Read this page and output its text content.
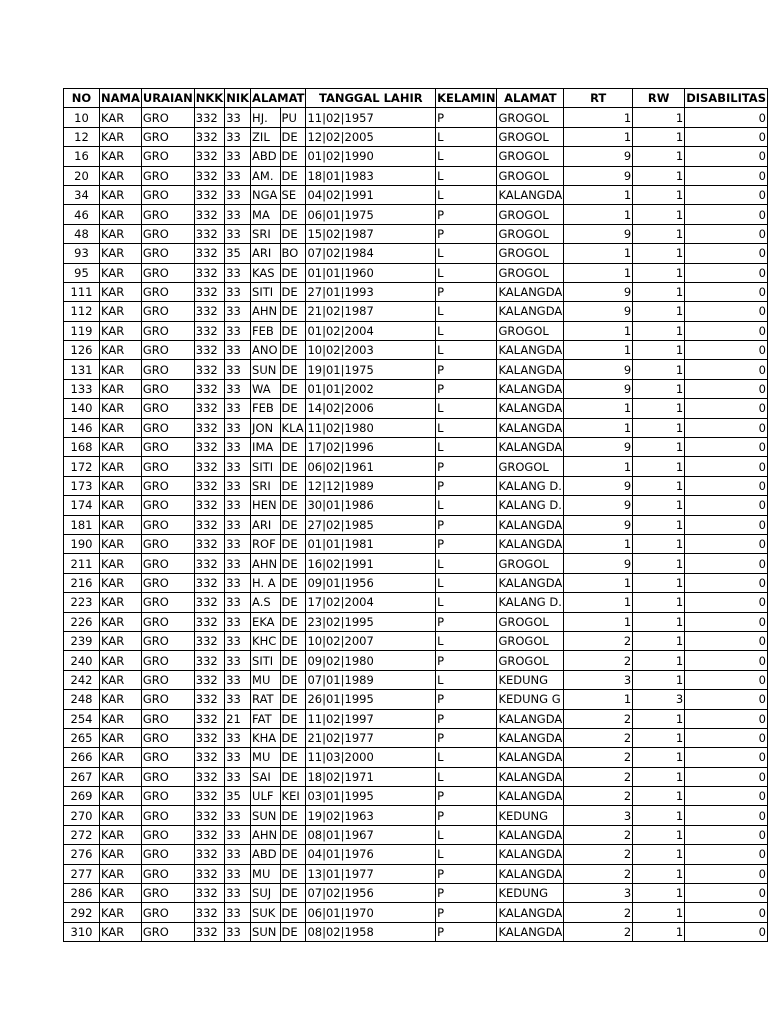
NO	NAMA	URAIAN	NKK	NIK	ALAMAT		TANGGAL LAHIR	KELAMIN	ALAMAT	RT	RW	DISABILITAS
10	KAR	GRO	332	33	HJ.	PU	11|02|1957	P	GROGOL	1	1	0
12	KAR	GRO	332	33	ZIL	DE	12|02|2005	L	GROGOL	1	1	0
16	KAR	GRO	332	33	ABD	DE	01|02|1990	L	GROGOL	9	1	0
20	KAR	GRO	332	33	AM.	DE	18|01|1983	L	GROGOL	9	1	0
34	KAR	GRO	332	33	NGA	SE	04|02|1991	L	KALANGDA	1	1	0
46	KAR	GRO	332	33	MA	DE	06|01|1975	P	GROGOL	1	1	0
48	KAR	GRO	332	33	SRI	DE	15|02|1987	P	GROGOL	9	1	0
93	KAR	GRO	332	35	ARI	BO	07|02|1984	L	GROGOL	1	1	0
95	KAR	GRO	332	33	KAS	DE	01|01|1960	L	GROGOL	1	1	0
111	KAR	GRO	332	33	SITI	DE	27|01|1993	P	KALANGDA	9	1	0
112	KAR	GRO	332	33	AHN	DE	21|02|1987	L	KALANGDA	9	1	0
119	KAR	GRO	332	33	FEB	DE	01|02|2004	L	GROGOL	1	1	0
126	KAR	GRO	332	33	ANO	DE	10|02|2003	L	KALANGDA	1	1	0
131	KAR	GRO	332	33	SUN	DE	19|01|1975	P	KALANGDA	9	1	0
133	KAR	GRO	332	33	WA	DE	01|01|2002	P	KALANGDA	9	1	0
140	KAR	GRO	332	33	FEB	DE	14|02|2006	L	KALANGDA	1	1	0
146	KAR	GRO	332	33	JON	KLA	11|02|1980	L	KALANGDA	1	1	0
168	KAR	GRO	332	33	IMA	DE	17|02|1996	L	KALANGDA	9	1	0
172	KAR	GRO	332	33	SITI	DE	06|02|1961	P	GROGOL	1	1	0
173	KAR	GRO	332	33	SRI	DE	12|12|1989	P	KALANG D.	9	1	0
174	KAR	GRO	332	33	HEN	DE	30|01|1986	L	KALANG D.	9	1	0
181	KAR	GRO	332	33	ARI	DE	27|02|1985	P	KALANGDA	9	1	0
190	KAR	GRO	332	33	ROF	DE	01|01|1981	P	KALANGDA	1	1	0
211	KAR	GRO	332	33	AHN	DE	16|02|1991	L	GROGOL	9	1	0
216	KAR	GRO	332	33	H. A	DE	09|01|1956	L	KALANGDA	1	1	0
223	KAR	GRO	332	33	A.S	DE	17|02|2004	L	KALANG D.	1	1	0
226	KAR	GRO	332	33	EKA	DE	23|02|1995	P	GROGOL	1	1	0
239	KAR	GRO	332	33	KHC	DE	10|02|2007	L	GROGOL	2	1	0
240	KAR	GRO	332	33	SITI	DE	09|02|1980	P	GROGOL	2	1	0
242	KAR	GRO	332	33	MU	DE	07|01|1989	L	KEDUNG	3	1	0
248	KAR	GRO	332	33	RAT	DE	26|01|1995	P	KEDUNG G	1	3	0
254	KAR	GRO	332	21	FAT	DE	11|02|1997	P	KALANGDA	2	1	0
265	KAR	GRO	332	33	KHA	DE	21|02|1977	P	KALANGDA	2	1	0
266	KAR	GRO	332	33	MU	DE	11|03|2000	L	KALANGDA	2	1	0
267	KAR	GRO	332	33	SAI	DE	18|02|1971	L	KALANGDA	2	1	0
269	KAR	GRO	332	35	ULF	KEI	03|01|1995	P	KALANGDA	2	1	0
270	KAR	GRO	332	33	SUN	DE	19|02|1963	P	KEDUNG	3	1	0
272	KAR	GRO	332	33	AHN	DE	08|01|1967	L	KALANGDA	2	1	0
276	KAR	GRO	332	33	ABD	DE	04|01|1976	L	KALANGDA	2	1	0
277	KAR	GRO	332	33	MU	DE	13|01|1977	P	KALANGDA	2	1	0
286	KAR	GRO	332	33	SUJ	DE	07|02|1956	P	KEDUNG	3	1	0
292	KAR	GRO	332	33	SUK	DE	06|01|1970	P	KALANGDA	2	1	0
310	KAR	GRO	332	33	SUN	DE	08|02|1958	P	KALANGDA	2	1	0
